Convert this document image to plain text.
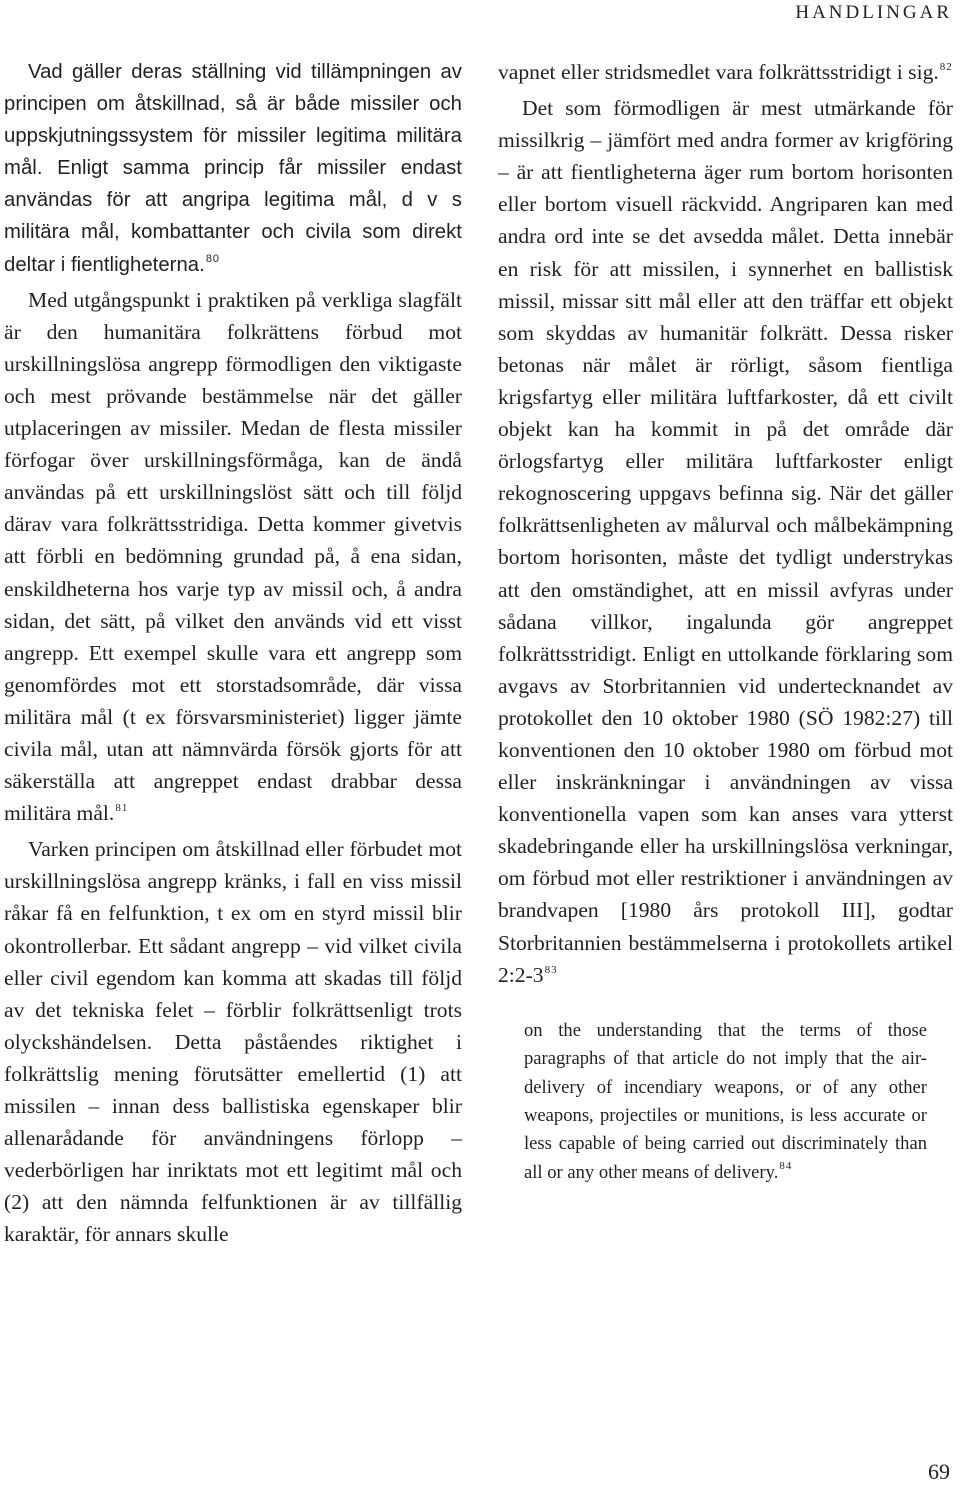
HANDLINGAR

Vad gäller deras ställning vid tillämpningen av principen om åtskillnad, så är både missiler och uppskjutningssystem för missiler legitima militära mål. Enligt samma princip får missiler endast användas för att angripa legitima mål, d v s militära mål, kombattanter och civila som direkt deltar i fientligheterna.$^{80}$

Med utgångspunkt i praktiken på verkliga slagfält är den humanitära folkrättens förbud mot urskillningslösa angrepp förmodligen den viktigaste och mest prövande bestämmelse när det gäller utplaceringen av missiler. Medan de flesta missiler förfogar över urskillningsförmåga, kan de ändå användas på ett urskillningslöst sätt och till följd därav vara folkrättsstridiga. Detta kommer givetvis att förbli en bedömning grundad på, å ena sidan, enskildheterna hos varje typ av missil och, å andra sidan, det sätt, på vilket den används vid ett visst angrepp. Ett exempel skulle vara ett angrepp som genomfördes mot ett storstadsområde, där vissa militära mål (t ex försvarsministeriet) ligger jämte civila mål, utan att nämnvärda försök gjorts för att säkerställa att angreppet endast drabbar dessa militära mål.$^{81}$

Varken principen om åtskillnad eller förbudet mot urskillningslösa angrepp kränks, i fall en viss missil råkar få en felfunktion, t ex om en styrd missil blir okontrollerbar. Ett sådant angrepp – vid vilket civila eller civil egendom kan komma att skadas till följd av det tekniska felet – förblir folkrättsenligt trots olyckshändelsen. Detta påståendes riktighet i folkrättslig mening förutsätter emellertid (1) att missilen – innan dess ballistiska egenskaper blir allenarådande för användningens förlopp – vederbörligen har inriktats mot ett legitimt mål och (2) att den nämnda felfunktionen är av tillfällig karaktär, för annars skulle

vapnet eller stridsmedlet vara folkrättsstridigt i sig.$^{82}$

Det som förmodligen är mest utmärkande för missilkrig – jämfört med andra former av krigföring – är att fientligheterna äger rum bortom horisonten eller bortom visuell räckvidd. Angriparen kan med andra ord inte se det avsedda målet. Detta innebär en risk för att missilen, i synnerhet en ballistisk missil, missar sitt mål eller att den träffar ett objekt som skyddas av humanitär folkrätt. Dessa risker betonas när målet är rörligt, såsom fientliga krigsfartyg eller militära luftfarkoster, då ett civilt objekt kan ha kommit in på det område där örlogsfartyg eller militära luftfarkoster enligt rekognoscering uppgavs befinna sig. När det gäller folkrättsenligheten av målurval och målbekämpning bortom horisonten, måste det tydligt understrykas att den omständighet, att en missil avfyras under sådana villkor, ingalunda gör angreppet folkrättsstridigt. Enligt en uttolkande förklaring som avgavs av Storbritannien vid undertecknandet av protokollet den 10 oktober 1980 (SÖ 1982:27) till konventionen den 10 oktober 1980 om förbud mot eller inskränkningar i användningen av vissa konventionella vapen som kan anses vara ytterst skadebringande eller ha urskillningslösa verkningar, om förbud mot eller restriktioner i användningen av brandvapen [1980 års protokoll III], godtar Storbritannien bestämmelserna i protokollets artikel 2:2-3$^{83}$

on the understanding that the terms of those paragraphs of that article do not imply that the air-delivery of incendiary weapons, or of any other weapons, projectiles or munitions, is less accurate or less capable of being carried out discriminately than all or any other means of delivery.$^{84}$
69
